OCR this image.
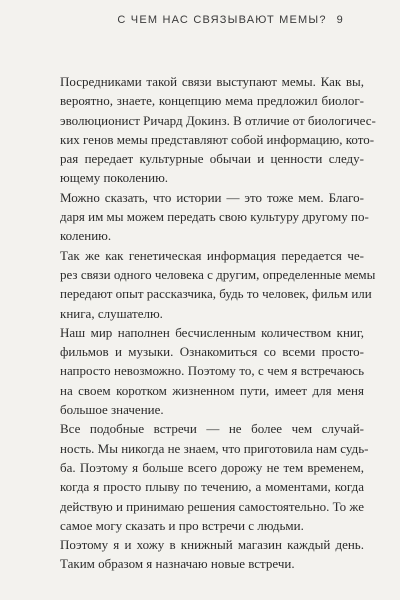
С ЧЕМ НАС СВЯЗЫВАЮТ МЕМЫ? 9

Посредниками такой связи выступают мемы. Как вы,
вероятно, знаете, концепцию мема предложил биолог-
эволюционист Ричард Докинз. В отличие от биологичес-
ких генов мемы представляют собой информацию, кото-
рая передает культурные обычаи и ценности следу-
ющему поколению.

Можно сказать, что истории — это тоже мем. Благо-
даря им мы можем передать свою культуру другому по-
колению.

Так же как генетическая информация передается че-
рез связи одного человека с другим, определенные мемы
передают опыт рассказчика, будь то человек, фильм или
книга, слушателю.

Наш мир наполнен бесчисленным количеством книг,
фильмов и музыки. Ознакомиться со всеми просто-
напросто невозможно. Поэтому то, с чем я встречаюсь
на своем коротком жизненном пути, имеет для меня
большое значение.

Все подобные встречи — не более чем случай-
ность. Мы никогда не знаем, что приготовила нам судь-
ба. Поэтому я больше всего дорожу не тем временем,
когда я просто плыву по течению, а моментами, когда
действую и принимаю решения самостоятельно. То же
самое могу сказать и про встречи с людьми.

Поэтому я и хожу в книжный магазин каждый день.
Таким образом я назначаю новые встречи.
